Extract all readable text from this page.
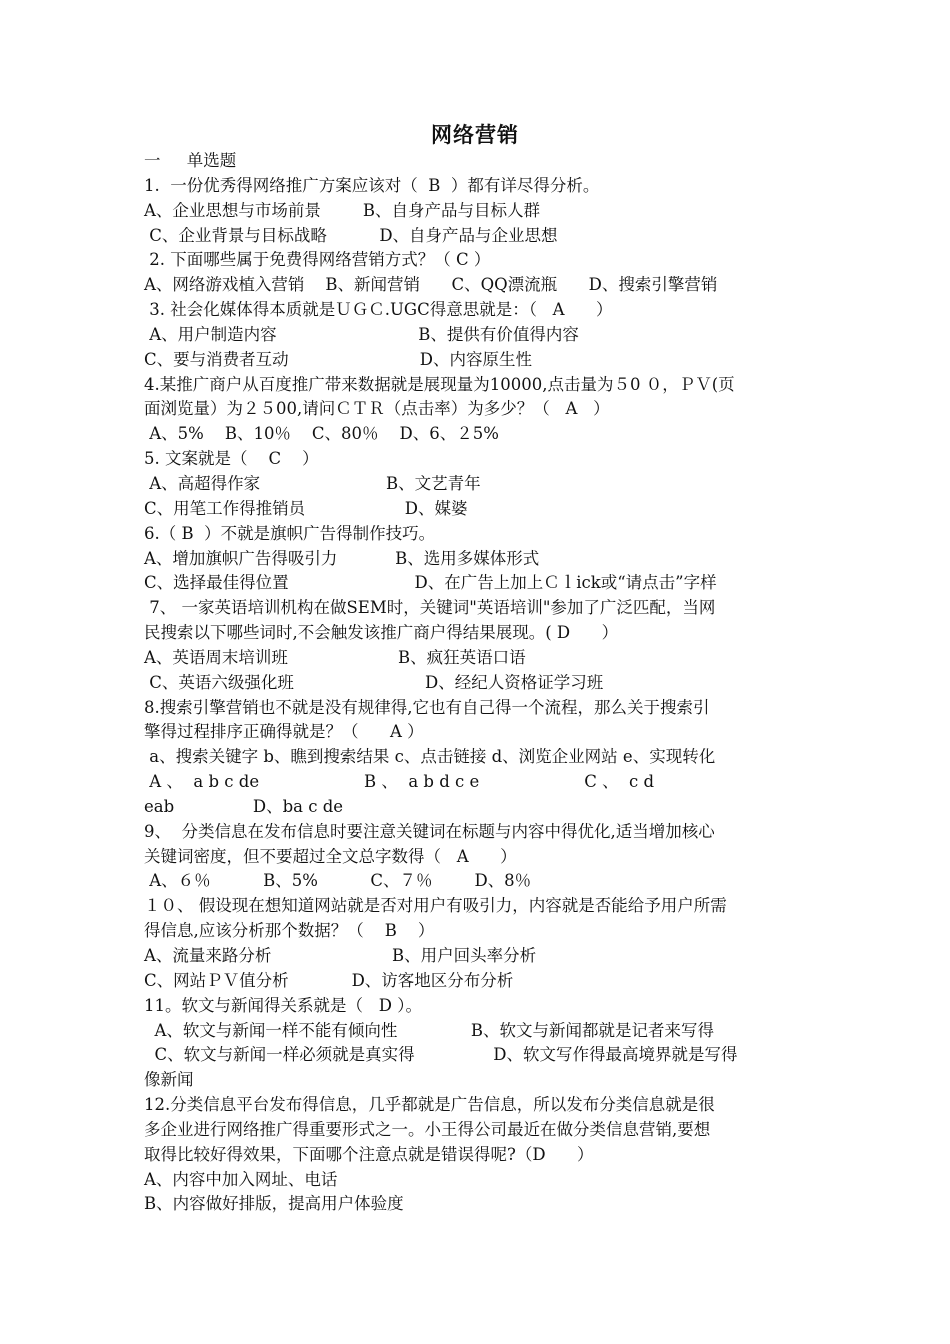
网络营销
一     单选题
1.  一份优秀得网络推广方案应该对（  B  ）都有详尽得分析。
A、企业思想与市场前景        B、自身产品与目标人群
C、企业背景与目标战略          D、自身产品与企业思想
2. 下面哪些属于免费得网络营销方式？（ C ）
A、网络游戏植入营销    B、新闻营销      C、QQ漂流瓶      D、搜索引擎营销
3. 社会化媒体得本质就是ＵＧＣ.UGC得意思就是：（   A      ）
A、用户制造内容                           B、提供有价值得内容
C、要与消费者互动                         D、内容原生性
4.某推广商户从百度推广带来数据就是展现量为10000,点击量为５0 ０，ＰＶ(页
面浏览量）为２５00,请问ＣＴＲ（点击率）为多少？（   A   ）
A、5%    B、10％    C、80％    D、6、２5%
5. 文案就是（    C    ）
A、高超得作家                        B、文艺青年
C、用笔工作得推销员                   D、媒婆
6.（ B  ）不就是旗帜广告得制作技巧。
A、增加旗帜广告得吸引力           B、选用多媒体形式
C、选择最佳得位置                        D、在广告上加上Ｃｌick或“请点击”字样
7、 一家英语培训机构在做SEM时，关键词"英语培训"参加了广泛匹配，当网
民搜索以下哪些词时,不会触发该推广商户得结果展现。( D      ）
A、英语周末培训班                     B、疯狂英语口语
C、英语六级强化班                         D、经纪人资格证学习班
8.搜索引擎营销也不就是没有规律得,它也有自己得一个流程，那么关于搜索引
擎得过程排序正确得就是？（      A ）
a、搜索关键字 b、瞧到搜索结果 c、点击链接 d、浏览企业网站 e、实现转化
A 、  a b c de                    B 、  a b d c e                    C 、  c d
eab               D、ba c de
9、  分类信息在发布信息时要注意关键词在标题与内容中得优化,适当增加核心
关键词密度，但不要超过全文总字数得（   A      ）
A、６％          B、5%          C、７％        D、8％
１０、 假设现在想知道网站就是否对用户有吸引力，内容就是否能给予用户所需
得信息,应该分析那个数据？（    B    ）
A、流量来路分析                       B、用户回头率分析
C、网站ＰＶ值分析            D、访客地区分布分析
11。软文与新闻得关系就是（   D ）。
A、软文与新闻一样不能有倾向性              B、软文与新闻都就是记者来写得
C、软文与新闻一样必须就是真实得               D、软文写作得最高境界就是写得
像新闻
12.分类信息平台发布得信息，几乎都就是广告信息，所以发布分类信息就是很
多企业进行网络推广得重要形式之一。小王得公司最近在做分类信息营销,要想
取得比较好得效果，下面哪个注意点就是错误得呢?（D      ）
A、内容中加入网址、电话
B、内容做好排版，提高用户体验度
